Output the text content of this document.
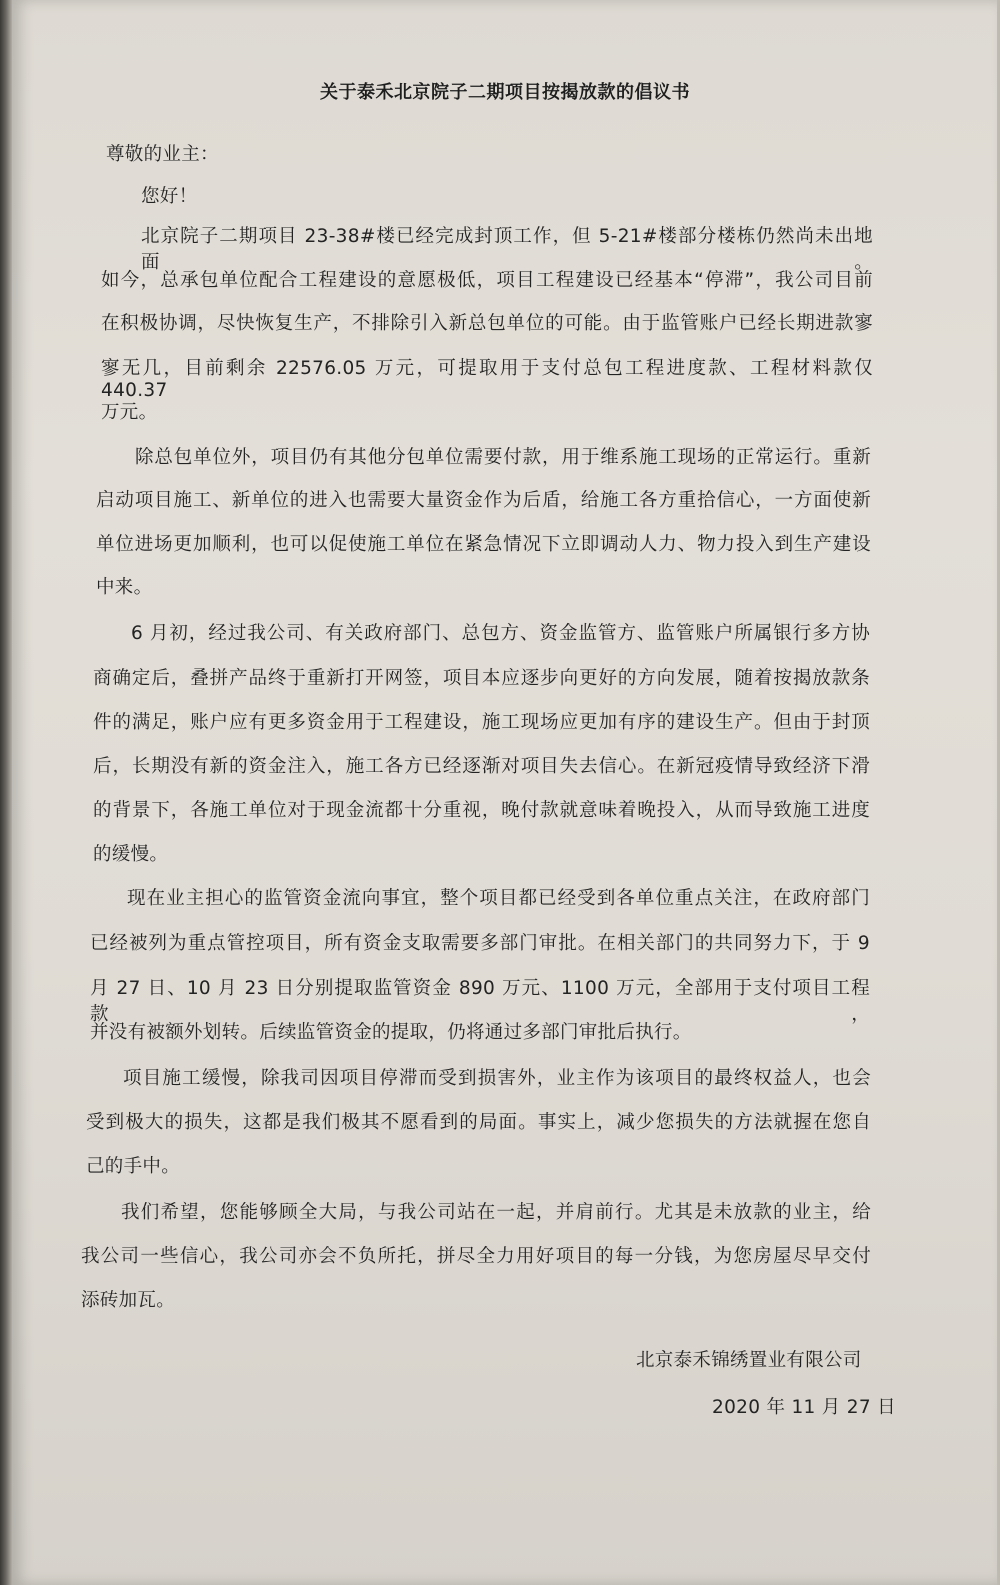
关于泰禾北京院子二期项目按揭放款的倡议书
尊敬的业主：
您好！
北京院子二期项目 23-38#楼已经完成封顶工作，但 5-21#楼部分楼栋仍然尚未出地面。
如今，总承包单位配合工程建设的意愿极低，项目工程建设已经基本“停滞”，我公司目前
在积极协调，尽快恢复生产，不排除引入新总包单位的可能。由于监管账户已经长期进款寥
寥无几，目前剩余 22576.05 万元，可提取用于支付总包工程进度款、工程材料款仅 440.37
万元。
除总包单位外，项目仍有其他分包单位需要付款，用于维系施工现场的正常运行。重新
启动项目施工、新单位的进入也需要大量资金作为后盾，给施工各方重拾信心，一方面使新
单位进场更加顺利，也可以促使施工单位在紧急情况下立即调动人力、物力投入到生产建设
中来。
6 月初，经过我公司、有关政府部门、总包方、资金监管方、监管账户所属银行多方协
商确定后，叠拼产品终于重新打开网签，项目本应逐步向更好的方向发展，随着按揭放款条
件的满足，账户应有更多资金用于工程建设，施工现场应更加有序的建设生产。但由于封顶
后，长期没有新的资金注入，施工各方已经逐渐对项目失去信心。在新冠疫情导致经济下滑
的背景下，各施工单位对于现金流都十分重视，晚付款就意味着晚投入，从而导致施工进度
的缓慢。
现在业主担心的监管资金流向事宜，整个项目都已经受到各单位重点关注，在政府部门
已经被列为重点管控项目，所有资金支取需要多部门审批。在相关部门的共同努力下，于 9
月 27 日、10 月 23 日分别提取监管资金 890 万元、1100 万元，全部用于支付项目工程款，
并没有被额外划转。后续监管资金的提取，仍将通过多部门审批后执行。
项目施工缓慢，除我司因项目停滞而受到损害外，业主作为该项目的最终权益人，也会
受到极大的损失，这都是我们极其不愿看到的局面。事实上，减少您损失的方法就握在您自
己的手中。
我们希望，您能够顾全大局，与我公司站在一起，并肩前行。尤其是未放款的业主，给
我公司一些信心，我公司亦会不负所托，拼尽全力用好项目的每一分钱，为您房屋尽早交付
添砖加瓦。
北京泰禾锦绣置业有限公司
2020 年 11 月 27 日
